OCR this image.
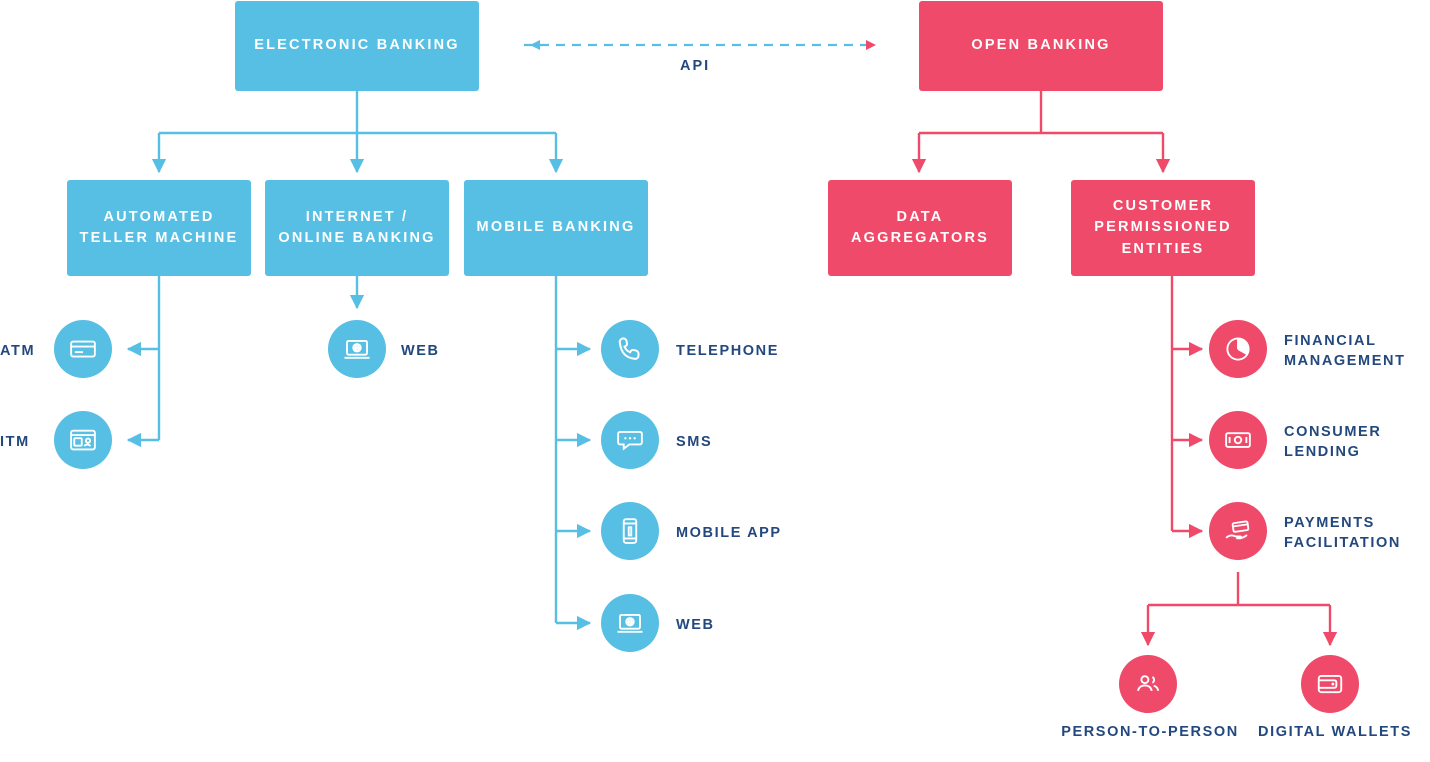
ELECTRONIC BANKING	OPEN BANKING
API
AUTOMATED TELLER MACHINE
INTERNET / ONLINE BANKING
MOBILE BANKING
DATA AGGREGATORS
CUSTOMER PERMISSIONED ENTITIES
ATM
ITM
WEB	TELEPHONE
SMS
MOBILE APP
WEB
FINANCIAL MANAGEMENT
CONSUMER LENDING
PAYMENTS FACILITATION
PERSON-TO-PERSON	DIGITAL WALLETS
